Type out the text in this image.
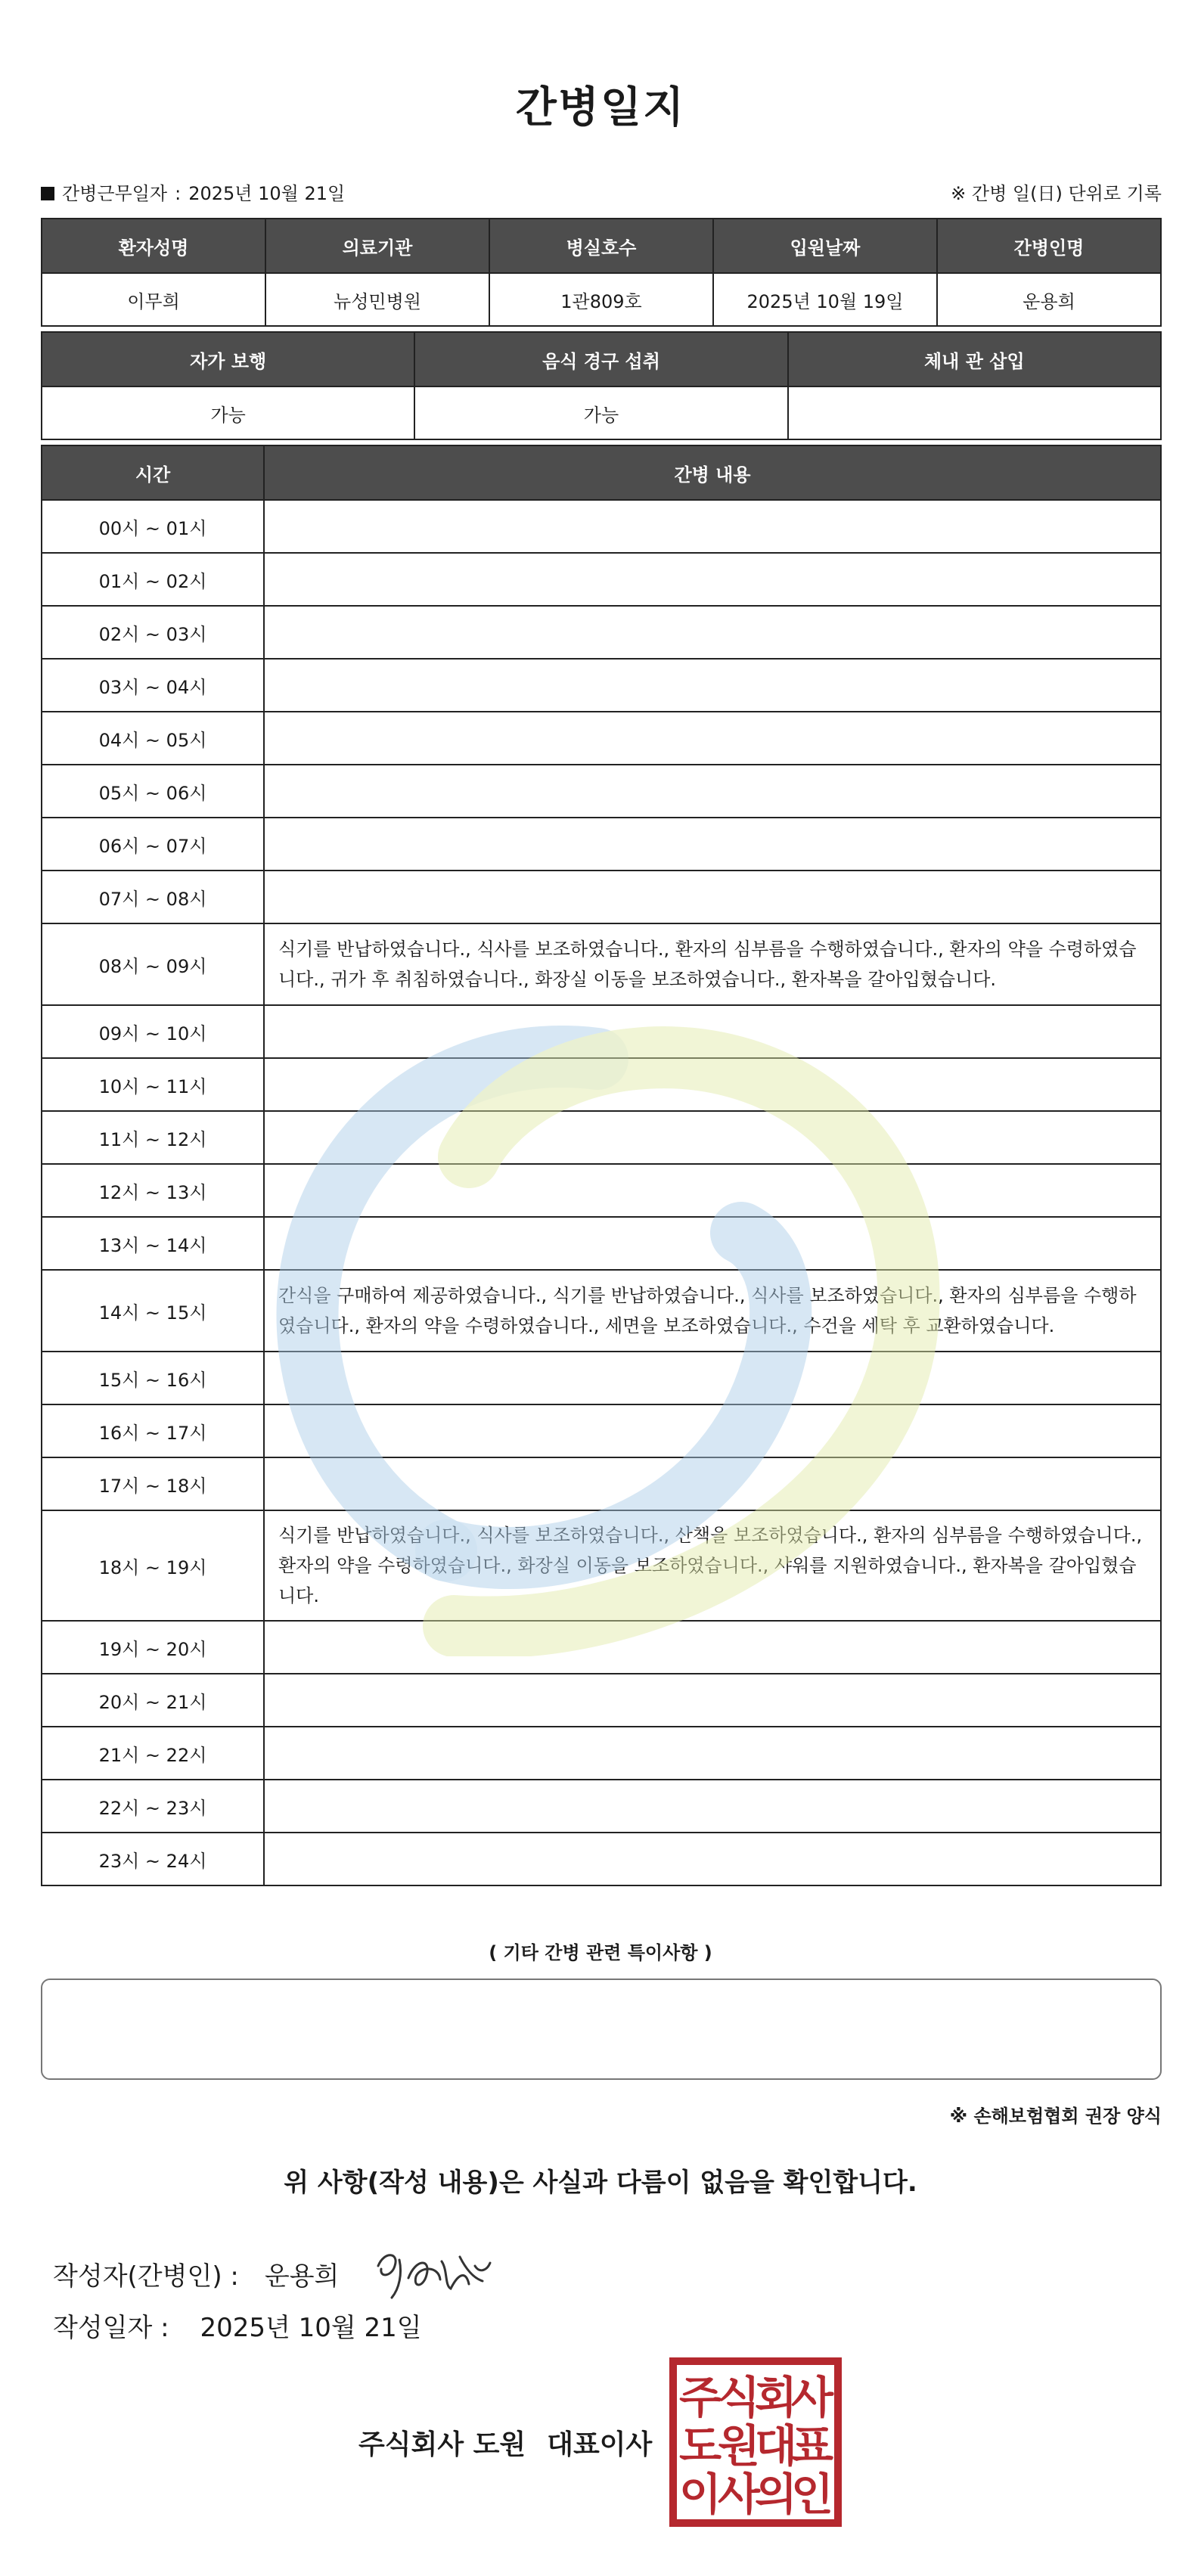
간병일지
간병근무일자 : 2025년 10월 21일	※ 간병 일(日) 단위로 기록
환자성명	의료기관	병실호수	입원날짜	간병인명
이무희	뉴성민병원	1관809호	2025년 10월 19일	운용희
자가 보행	음식 경구 섭취	체내 관 삽입
가능	가능	
시간	간병 내용
00시 ~ 01시	
01시 ~ 02시	
02시 ~ 03시	
03시 ~ 04시	
04시 ~ 05시	
05시 ~ 06시	
06시 ~ 07시	
07시 ~ 08시	
08시 ~ 09시	식기를 반납하였습니다., 식사를 보조하였습니다., 환자의 심부름을 수행하였습니다., 환자의 약을 수령하였습니다., 귀가 후 취침하였습니다., 화장실 이동을 보조하였습니다., 환자복을 갈아입혔습니다.
09시 ~ 10시	
10시 ~ 11시	
11시 ~ 12시	
12시 ~ 13시	
13시 ~ 14시	
14시 ~ 15시	간식을 구매하여 제공하였습니다., 식기를 반납하였습니다., 식사를 보조하였습니다., 환자의 심부름을 수행하였습니다., 환자의 약을 수령하였습니다., 세면을 보조하였습니다., 수건을 세탁 후 교환하였습니다.
15시 ~ 16시	
16시 ~ 17시	
17시 ~ 18시	
18시 ~ 19시	식기를 반납하였습니다., 식사를 보조하였습니다., 산책을 보조하였습니다., 환자의 심부름을 수행하였습니다., 환자의 약을 수령하였습니다., 화장실 이동을 보조하였습니다., 샤워를 지원하였습니다., 환자복을 갈아입혔습니다.
19시 ~ 20시	
20시 ~ 21시	
21시 ~ 22시	
22시 ~ 23시	
23시 ~ 24시	
( 기타 간병 관련 특이사항 )
※ 손해보험협회 권장 양식
위 사항(작성 내용)은 사실과 다름이 없음을 확인합니다.
작성자(간병인) : 운용희
작성일자 : 2025년 10월 21일
주식회사 도원 대표이사
주
식
회
사
도
원
대
표
이
사
의
인
